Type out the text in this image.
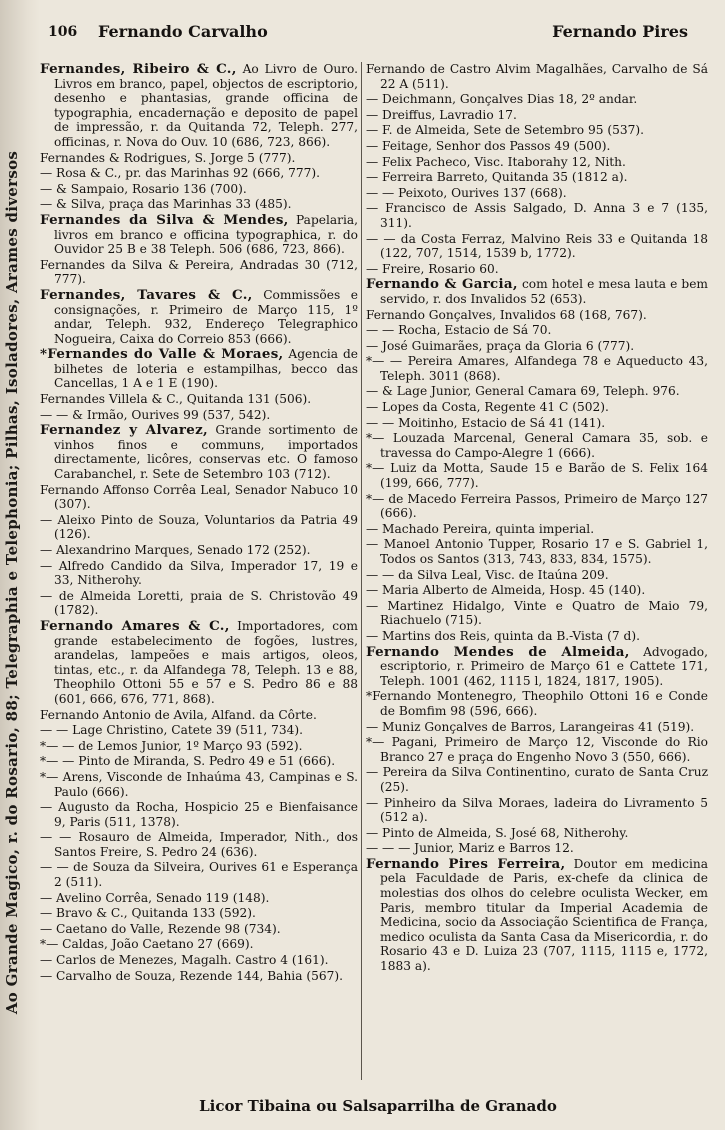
Ao Grande Magico, r. do Rosario, 88; Telegraphia e Telephonia; Pilhas, Isoladores, Arames diversos
106 Fernando Carvalho	Fernando Pires

Fernandes, Ribeiro & C., Ao Livro de Ouro. Livros em branco, papel, objectos de escriptorio, desenho e phantasias, grande officina de typographia, encadernação e deposito de papel de impressão, r. da Quitanda 72, Teleph. 277, officinas, r. Nova do Ouv. 10 (686, 723, 866).

Fernandes & Rodrigues, S. Jorge 5 (777).

— Rosa & C., pr. das Marinhas 92 (666, 777).

— & Sampaio, Rosario 136 (700).

— & Silva, praça das Marinhas 33 (485).

Fernandes da Silva & Mendes, Papelaria, livros em branco e officina typographica, r. do Ouvidor 25 B e 38 Teleph. 506 (686, 723, 866).

Fernandes da Silva & Pereira, Andradas 30 (712, 777).

Fernandes, Tavares & C., Commissões e consignações, r. Primeiro de Março 115, 1º andar, Teleph. 932, Endereço Telegraphico Nogueira, Caixa do Correio 853 (666).

*Fernandes do Valle & Moraes, Agencia de bilhetes de loteria e estampilhas, becco das Cancellas, 1 A e 1 E (190).

Fernandes Villela & C., Quitanda 131 (506).

— — & Irmão, Ourives 99 (537, 542).

Fernandez y Alvarez, Grande sortimento de vinhos finos e communs, importados directamente, licôres, conservas etc. O famoso Carabanchel, r. Sete de Setembro 103 (712).

Fernando Affonso Corrêa Leal, Senador Nabuco 10 (307).

— Aleixo Pinto de Souza, Voluntarios da Patria 49 (126).

— Alexandrino Marques, Senado 172 (252).

— Alfredo Candido da Silva, Imperador 17, 19 e 33, Nitherohy.

— de Almeida Loretti, praia de S. Christovão 49 (1782).

Fernando Amares & C., Importadores, com grande estabelecimento de fogões, lustres, arandelas, lampeões e mais artigos, oleos, tintas, etc., r. da Alfandega 78, Teleph. 13 e 88, Theophilo Ottoni 55 e 57 e S. Pedro 86 e 88 (601, 666, 676, 771, 868).

Fernando Antonio de Avila, Alfand. da Côrte.

— — Lage Christino, Catete 39 (511, 734).

*— — de Lemos Junior, 1º Março 93 (592).

*— — Pinto de Miranda, S. Pedro 49 e 51 (666).

*— Arens, Visconde de Inhaúma 43, Campinas e S. Paulo (666).

— Augusto da Rocha, Hospicio 25 e Bienfaisance 9, Paris (511, 1378).

— — Rosauro de Almeida, Imperador, Nith., dos Santos Freire, S. Pedro 24 (636).

— — de Souza da Silveira, Ourives 61 e Esperança 2 (511).

— Avelino Corrêa, Senado 119 (148).

— Bravo & C., Quitanda 133 (592).

— Caetano do Valle, Rezende 98 (734).

*— Caldas, João Caetano 27 (669).

— Carlos de Menezes, Magalh. Castro 4 (161).

— Carvalho de Souza, Rezende 144, Bahia (567).

Fernando de Castro Alvim Magalhães, Carvalho de Sá 22 A (511).

— Deichmann, Gonçalves Dias 18, 2º andar.

— Dreiffus, Lavradio 17.

— F. de Almeida, Sete de Setembro 95 (537).

— Feitage, Senhor dos Passos 49 (500).

— Felix Pacheco, Visc. Itaborahy 12, Nith.

— Ferreira Barreto, Quitanda 35 (1812 a).

— — Peixoto, Ourives 137 (668).

— Francisco de Assis Salgado, D. Anna 3 e 7 (135, 311).

— — da Costa Ferraz, Malvino Reis 33 e Quitanda 18 (122, 707, 1514, 1539 b, 1772).

— Freire, Rosario 60.

Fernando & Garcia, com hotel e mesa lauta e bem servido, r. dos Invalidos 52 (653).

Fernando Gonçalves, Invalidos 68 (168, 767).

— — Rocha, Estacio de Sá 70.

— José Guimarães, praça da Gloria 6 (777).

*— — Pereira Amares, Alfandega 78 e Aqueducto 43, Teleph. 3011 (868).

— & Lage Junior, General Camara 69, Teleph. 976.

— Lopes da Costa, Regente 41 C (502).

— — Moitinho, Estacio de Sá 41 (141).

*— Louzada Marcenal, General Camara 35, sob. e travessa do Campo-Alegre 1 (666).

*— Luiz da Motta, Saude 15 e Barão de S. Felix 164 (199, 666, 777).

*— de Macedo Ferreira Passos, Primeiro de Março 127 (666).

— Machado Pereira, quinta imperial.

— Manoel Antonio Tupper, Rosario 17 e S. Gabriel 1, Todos os Santos (313, 743, 833, 834, 1575).

— — da Silva Leal, Visc. de Itaúna 209.

— Maria Alberto de Almeida, Hosp. 45 (140).

— Martinez Hidalgo, Vinte e Quatro de Maio 79, Riachuelo (715).

— Martins dos Reis, quinta da B.-Vista (7 d).

Fernando Mendes de Almeida, Advogado, escriptorio, r. Primeiro de Março 61 e Cattete 171, Teleph. 1001 (462, 1115 l, 1824, 1817, 1905).

*Fernando Montenegro, Theophilo Ottoni 16 e Conde de Bomfim 98 (596, 666).

— Muniz Gonçalves de Barros, Larangeiras 41 (519).

*— Pagani, Primeiro de Março 12, Visconde do Rio Branco 27 e praça do Engenho Novo 3 (550, 666).

— Pereira da Silva Continentino, curato de Santa Cruz (25).

— Pinheiro da Silva Moraes, ladeira do Livramento 5 (512 a).

— Pinto de Almeida, S. José 68, Nitherohy.

— — — Junior, Mariz e Barros 12.

Fernando Pires Ferreira, Doutor em medicina pela Faculdade de Paris, ex-chefe da clinica de molestias dos olhos do celebre oculista Wecker, em Paris, membro titular da Imperial Academia de Medicina, socio da Associação Scientifica de França, medico oculista da Santa Casa da Misericordia, r. do Rosario 43 e D. Luiza 23 (707, 1115, 1115 e, 1772, 1883 a).

Licor Tibaina ou Salsaparrilha de Granado
